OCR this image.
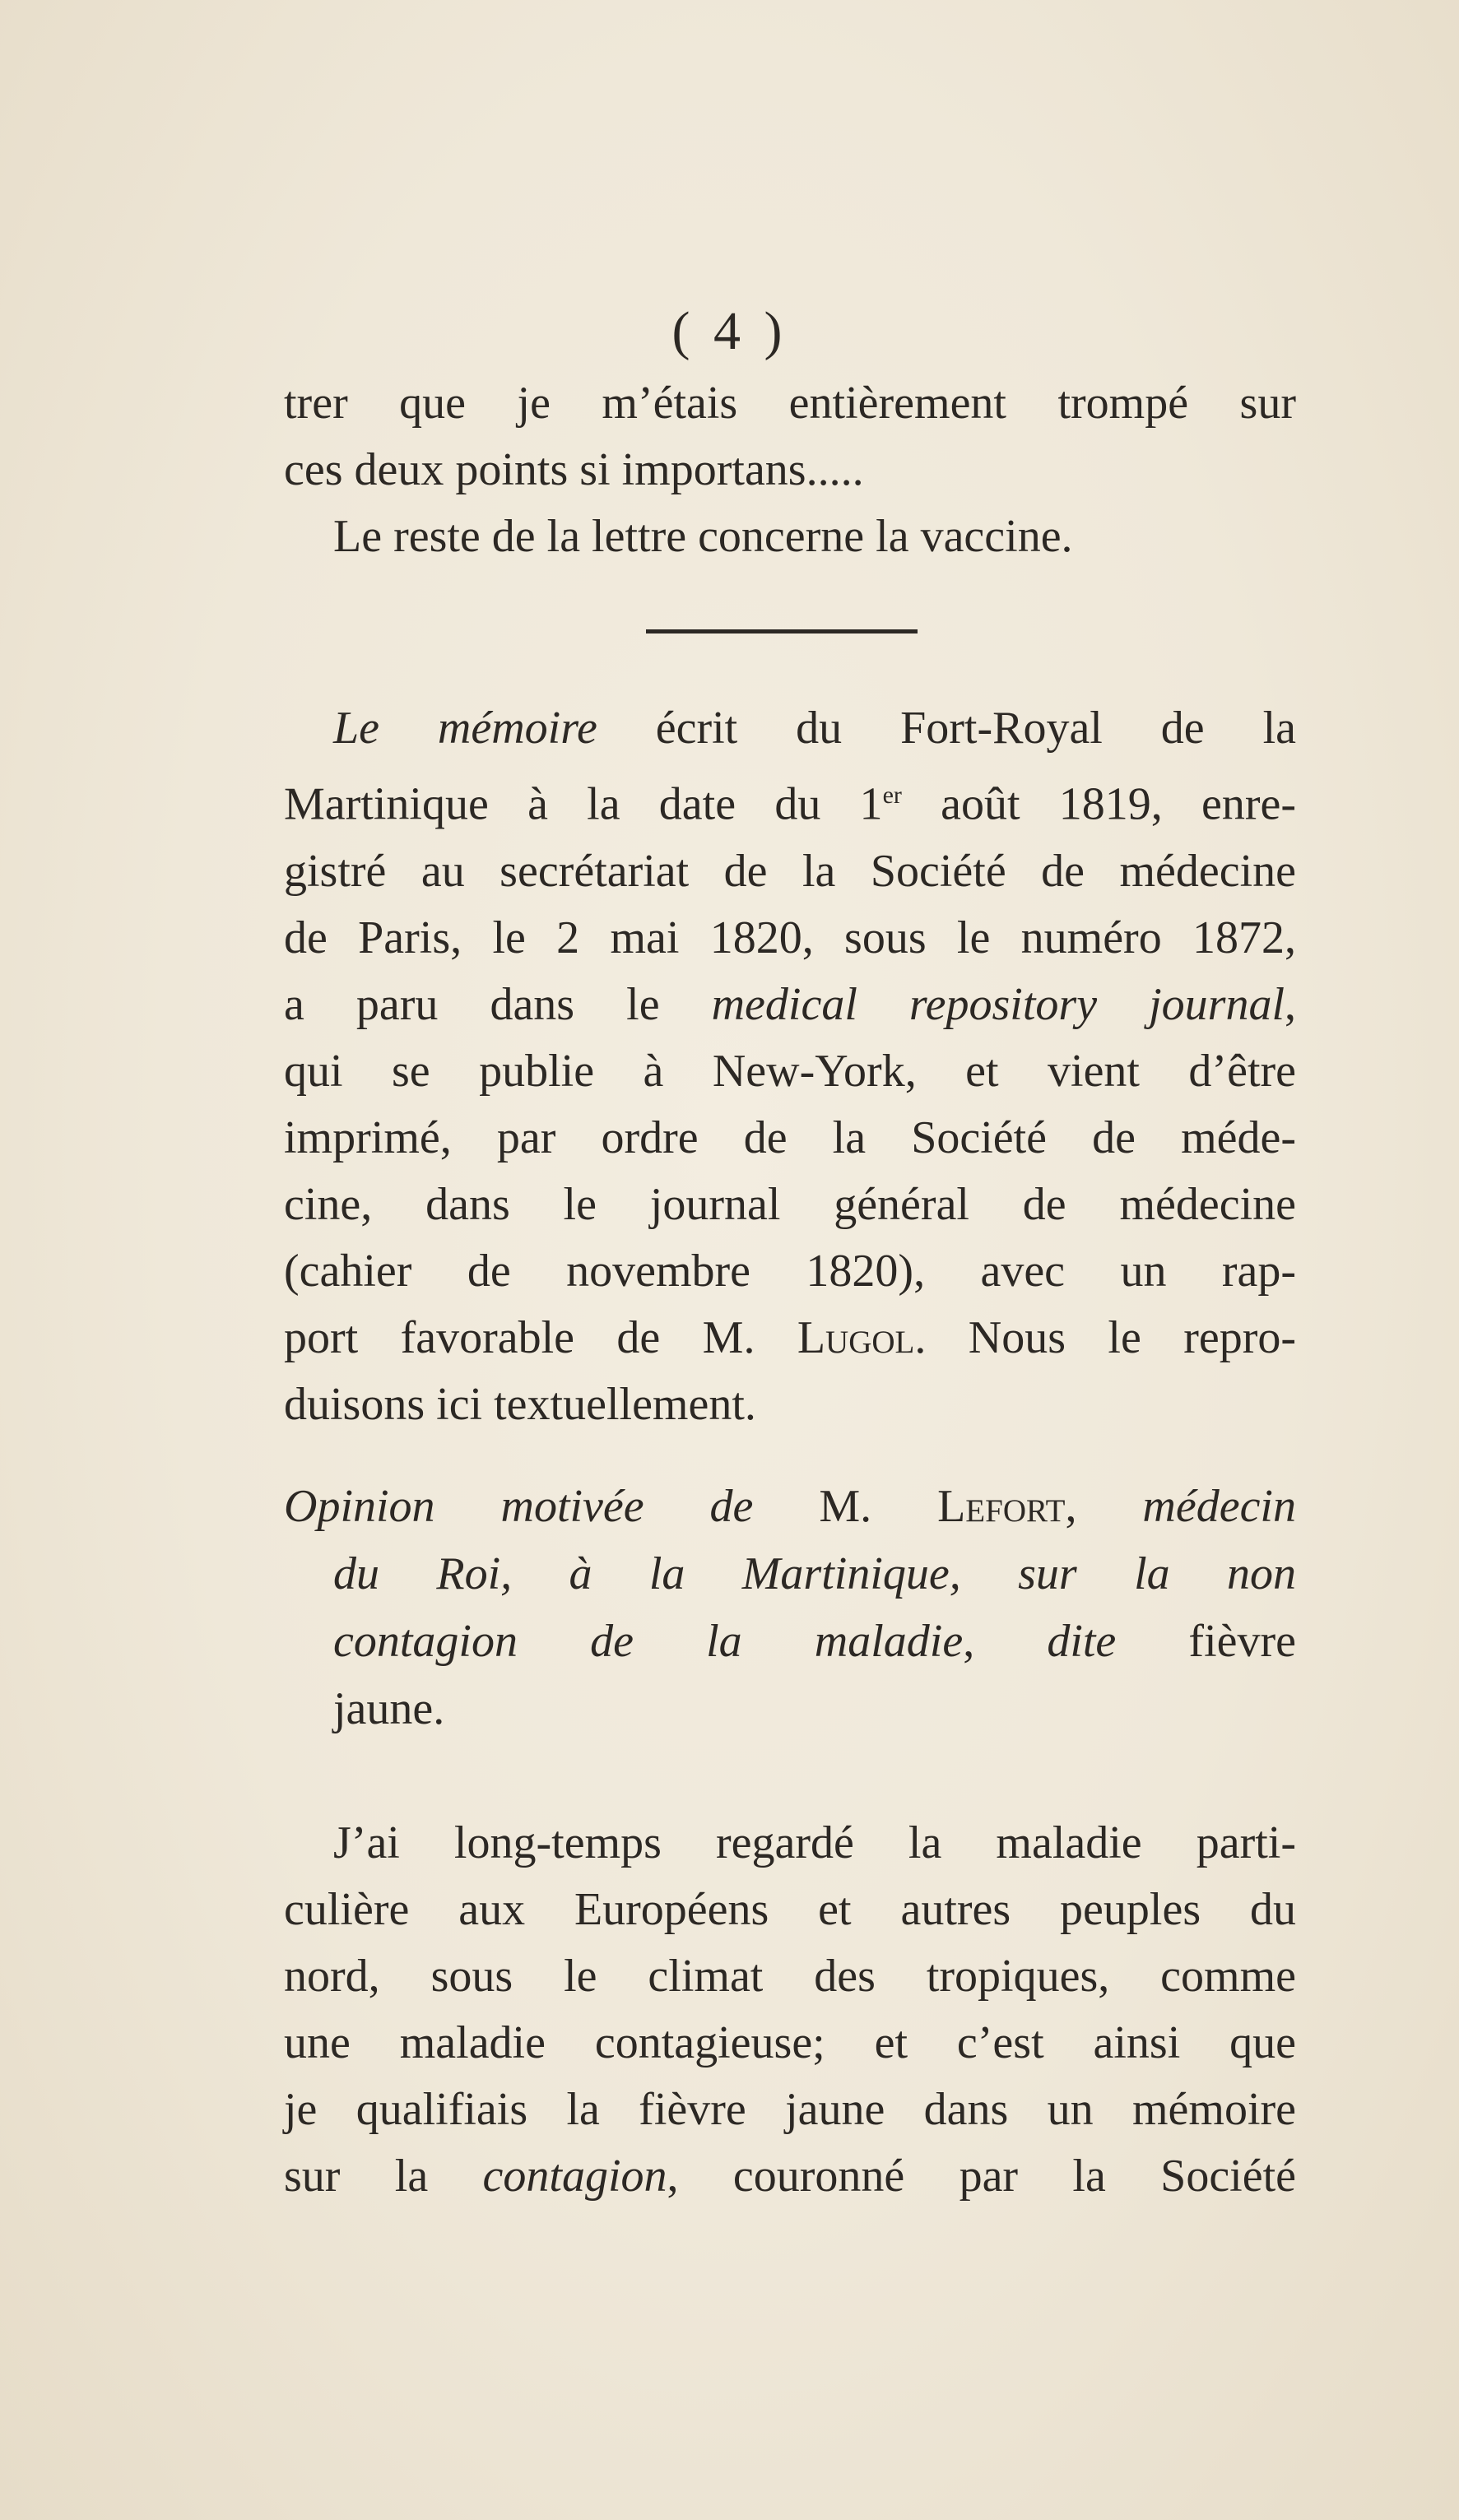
( 4 )
trer que je m’étais entièrement trompé sur
ces deux points si importans.....
Le reste de la lettre concerne la vaccine.
Le mémoire écrit du Fort-Royal de la
Martinique à la date du 1er août 1819, enre-
gistré au secrétariat de la Société de médecine
de Paris, le 2 mai 1820, sous le numéro 1872,
a paru dans le medical repository journal,
qui se publie à New-York, et vient d’être
imprimé, par ordre de la Société de méde-
cine, dans le journal général de médecine
(cahier de novembre 1820), avec un rap-
port favorable de M. Lugol. Nous le repro-
duisons ici textuellement.
Opinion motivée de M. Lefort, médecin
du Roi, à la Martinique, sur la non
contagion de la maladie, dite fièvre
jaune.
J’ai long-temps regardé la maladie parti-
culière aux Européens et autres peuples du
nord, sous le climat des tropiques, comme
une maladie contagieuse; et c’est ainsi que
je qualifiais la fièvre jaune dans un mémoire
sur la contagion, couronné par la Société
